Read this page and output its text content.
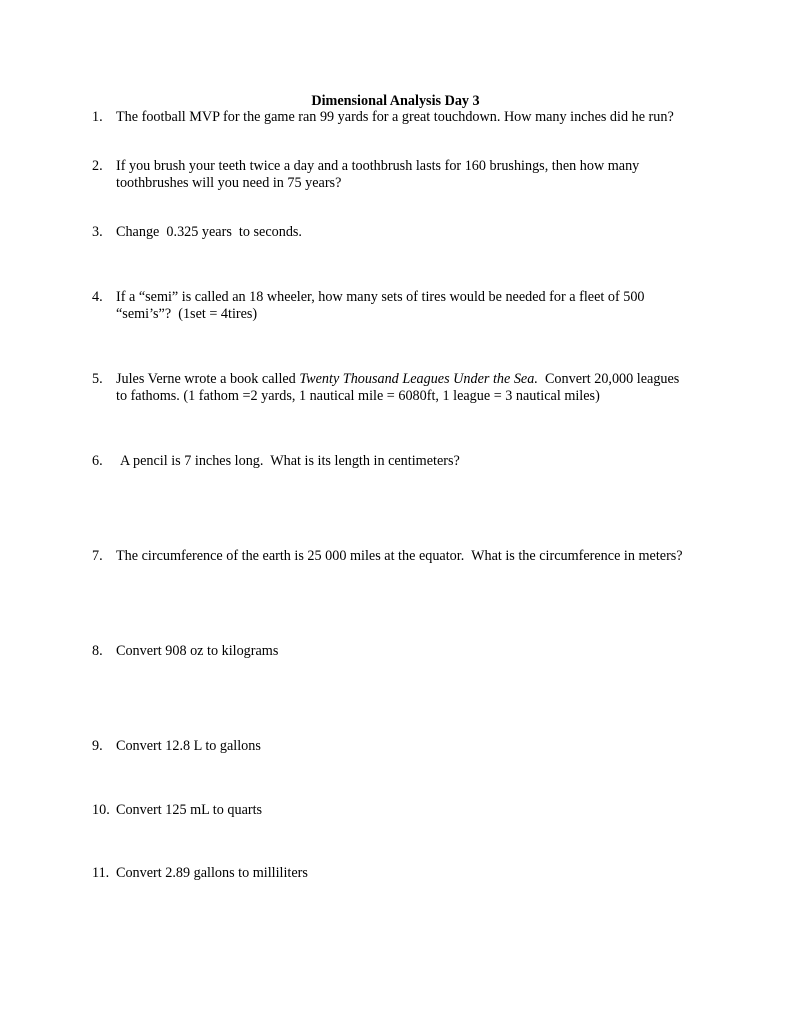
Dimensional Analysis Day 3
1. The football MVP for the game ran 99 yards for a great touchdown. How many inches did he run?
2. If you brush your teeth twice a day and a toothbrush lasts for 160 brushings, then how many
toothbrushes will you need in 75 years?
3. Change  0.325 years  to seconds.
4. If a “semi” is called an 18 wheeler, how many sets of tires would be needed for a fleet of 500
“semi’s”?  (1set = 4tires)
5. Jules Verne wrote a book called Twenty Thousand Leagues Under the Sea.  Convert 20,000 leagues
to fathoms. (1 fathom =2 yards, 1 nautical mile = 6080ft, 1 league = 3 nautical miles)
6.	A pencil is 7 inches long.  What is its length in centimeters?
7. The circumference of the earth is 25 000 miles at the equator.  What is the circumference in meters?
8. Convert 908 oz to kilograms
9. Convert 12.8 L to gallons
10. Convert 125 mL to quarts
11. Convert 2.89 gallons to milliliters
